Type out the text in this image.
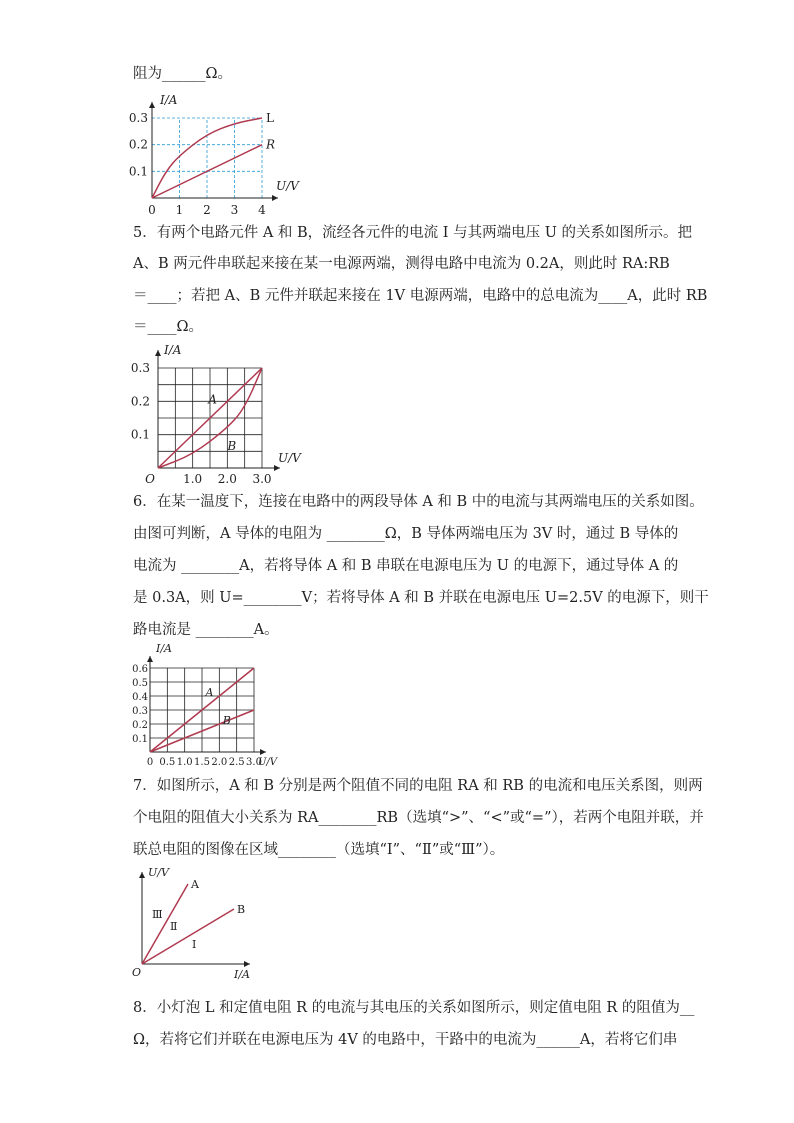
阻为______Ω。
5．有两个电路元件 A 和 B，流经各元件的电流 I 与其两端电压 U 的关系如图所示。把
A、B 两元件串联起来接在某一电源两端，测得电路中电流为 0.2A，则此时 RA:RB
＝____；若把 A、B 元件并联起来接在 1V 电源两端，电路中的总电流为____A，此时 RB
＝____Ω。
6．在某一温度下，连接在电路中的两段导体 A 和 B 中的电流与其两端电压的关系如图。
由图可判断，A 导体的电阻为 ________Ω，B 导体两端电压为 3V 时，通过 B 导体的
电流为 ________A，若将导体 A 和 B 串联在电源电压为 U 的电源下，通过导体 A 的
是 0.3A，则 U=________V；若将导体 A 和 B 并联在电源电压 U=2.5V 的电源下，则干
路电流是 ________A。
7．如图所示，A 和 B 分别是两个阻值不同的电阻 RA 和 RB 的电流和电压关系图，则两
个电阻的阻值大小关系为 RA________RB（选填“>”、“<”或“=”），若两个电阻并联，并
联总电阻的图像在区域________（选填“I”、“Ⅱ”或“Ⅲ”）。
8．小灯泡 L 和定值电阻 R 的电流与其电压的关系如图所示，则定值电阻 R 的阻值为__
Ω，若将它们并联在电源电压为 4V 的电路中，干路中的电流为______A，若将它们串
0 1 2 3 4
0.1
0.2
0.3
I/A
U/V
L
R
O 1.0 2.0 3.0
0.1
0.2
0.3
I/A
U/V
A
B
0 0.5 1.0 1.5 2.0 2.5 3.0
0.1
0.2
0.3
0.4
0.5
0.6
I/A
U/V
A
B
A
B
U/V
I/A
O
Ⅲ
Ⅱ
I
